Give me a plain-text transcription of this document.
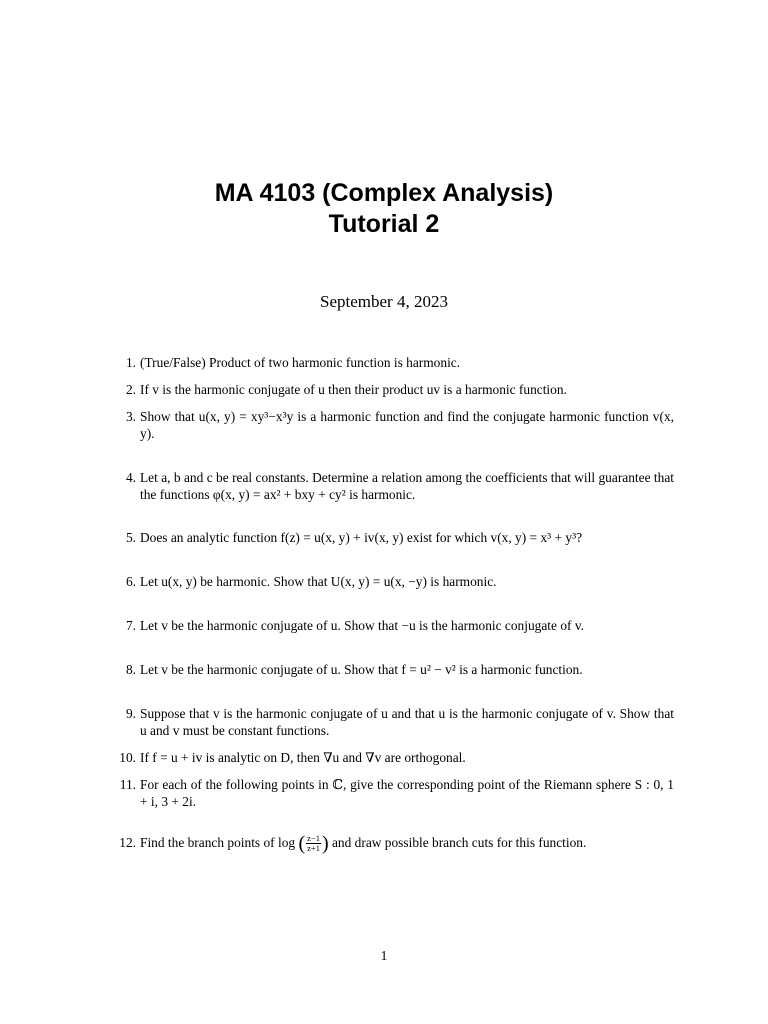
MA 4103 (Complex Analysis)
Tutorial 2
September 4, 2023
1. (True/False) Product of two harmonic function is harmonic.
2. If v is the harmonic conjugate of u then their product uv is a harmonic function.
3. Show that u(x, y) = xy³−x³y is a harmonic function and find the conjugate harmonic function v(x, y).
4. Let a, b and c be real constants. Determine a relation among the coefficients that will guarantee that the functions φ(x, y) = ax² + bxy + cy² is harmonic.
5. Does an analytic function f(z) = u(x, y) + iv(x, y) exist for which v(x, y) = x³ + y³?
6. Let u(x, y) be harmonic. Show that U(x, y) = u(x, −y) is harmonic.
7. Let v be the harmonic conjugate of u. Show that −u is the harmonic conjugate of v.
8. Let v be the harmonic conjugate of u. Show that f = u² − v² is a harmonic function.
9. Suppose that v is the harmonic conjugate of u and that u is the harmonic conjugate of v. Show that u and v must be constant functions.
10. If f = u + iv is analytic on D, then ∇u and ∇v are orthogonal.
11. For each of the following points in ℂ, give the corresponding point of the Riemann sphere S : 0, 1 + i, 3 + 2i.
12. Find the branch points of log ( $\frac{z-1}{z+1}$ ) and draw possible branch cuts for this function.
1
